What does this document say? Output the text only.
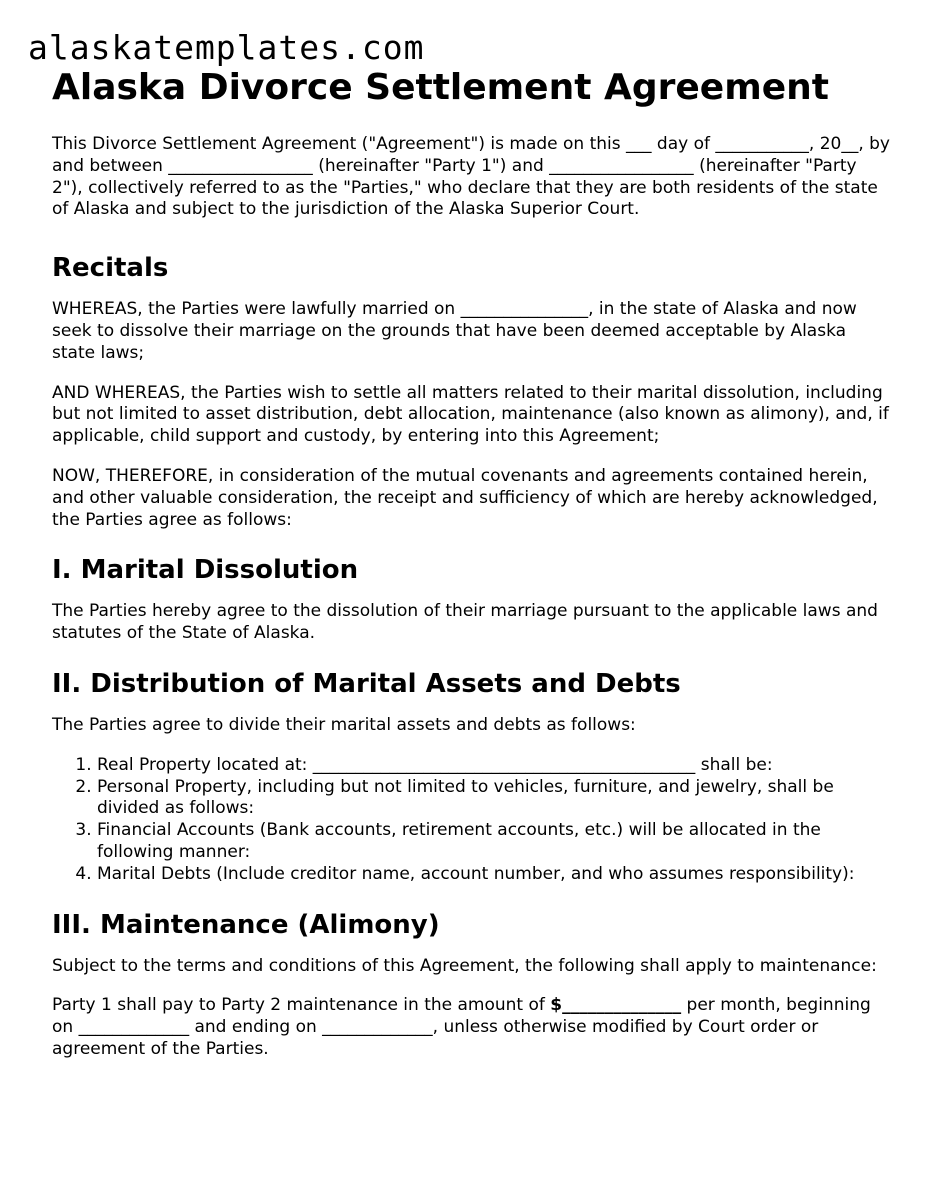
alaskatemplates.com
Alaska Divorce Settlement Agreement

This Divorce Settlement Agreement ("Agreement") is made on this ___ day of ___________, 20__, by and between _________________ (hereinafter "Party 1") and _________________ (hereinafter "Party 2"), collectively referred to as the "Parties," who declare that they are both residents of the state of Alaska and subject to the jurisdiction of the Alaska Superior Court.

Recitals

WHEREAS, the Parties were lawfully married on _______________, in the state of Alaska and now seek to dissolve their marriage on the grounds that have been deemed acceptable by Alaska state laws;

AND WHEREAS, the Parties wish to settle all matters related to their marital dissolution, including but not limited to asset distribution, debt allocation, maintenance (also known as alimony), and, if applicable, child support and custody, by entering into this Agreement;

NOW, THEREFORE, in consideration of the mutual covenants and agreements contained herein, and other valuable consideration, the receipt and sufficiency of which are hereby acknowledged, the Parties agree as follows:

I. Marital Dissolution

The Parties hereby agree to the dissolution of their marriage pursuant to the applicable laws and statutes of the State of Alaska.

II. Distribution of Marital Assets and Debts

The Parties agree to divide their marital assets and debts as follows:

1. Real Property located at: _____________________________________________ shall be:
2. Personal Property, including but not limited to vehicles, furniture, and jewelry, shall be divided as follows:
3. Financial Accounts (Bank accounts, retirement accounts, etc.) will be allocated in the following manner:
4. Marital Debts (Include creditor name, account number, and who assumes responsibility):
III. Maintenance (Alimony)

Subject to the terms and conditions of this Agreement, the following shall apply to maintenance:

Party 1 shall pay to Party 2 maintenance in the amount of $______________ per month, beginning on _____________ and ending on _____________, unless otherwise modified by Court order or agreement of the Parties.
